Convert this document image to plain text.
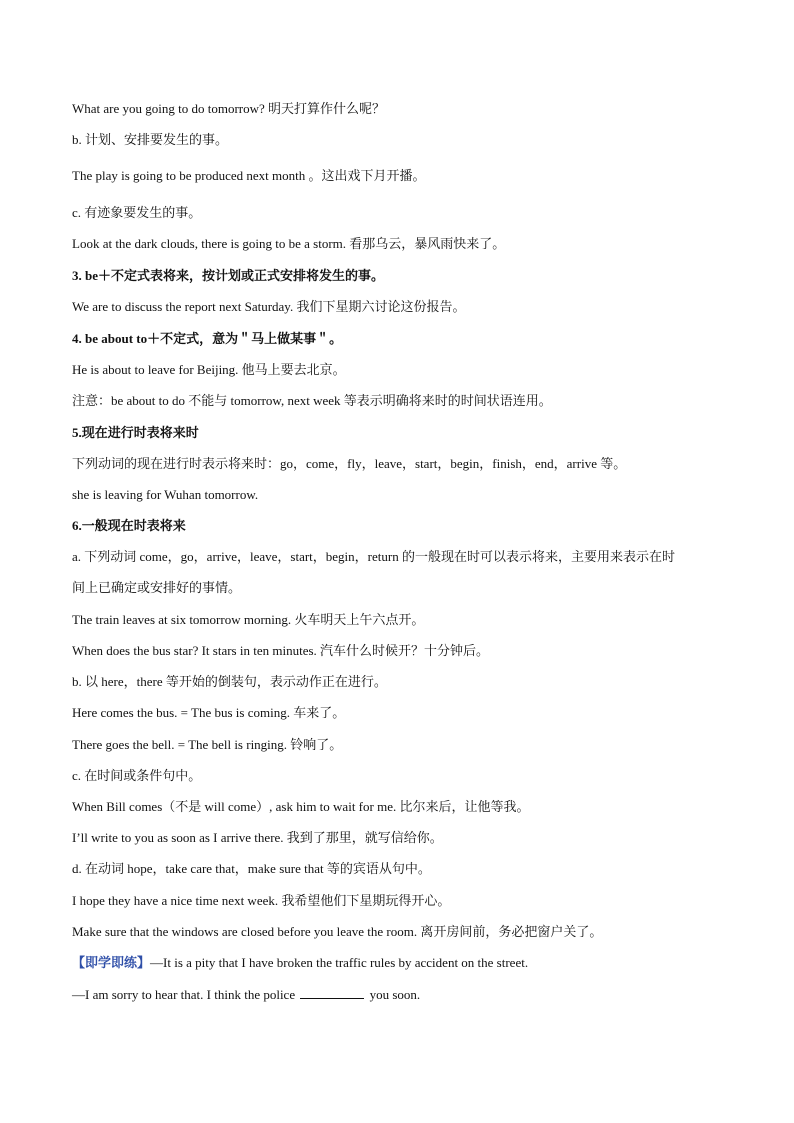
What are you going to do tomorrow? 明天打算作什么呢？
b. 计划、安排要发生的事。
The play is going to be produced next month 。这出戏下月开播。
c. 有迹象要发生的事。
Look at the dark clouds, there is going to be a storm. 看那乌云，暴风雨快来了。
3. be＋不定式表将来，按计划或正式安排将发生的事。
We are to discuss the report next Saturday. 我们下星期六讨论这份报告。
4. be about to＋不定式，意为＂马上做某事＂。
He is about to leave for Beijing. 他马上要去北京。
注意：be about to do 不能与 tomorrow, next week 等表示明确将来时的时间状语连用。
5.现在进行时表将来时
下列动词的现在进行时表示将来时：go，come，fly，leave，start，begin，finish，end，arrive 等。
she is leaving for Wuhan tomorrow.
6.一般现在时表将来
a. 下列动词 come，go，arrive，leave，start，begin，return 的一般现在时可以表示将来，主要用来表示在时
间上已确定或安排好的事情。
The train leaves at six tomorrow morning. 火车明天上午六点开。
When does the bus star? It stars in ten minutes. 汽车什么时候开？十分钟后。
b. 以 here，there 等开始的倒装句，表示动作正在进行。
Here comes the bus. = The bus is coming. 车来了。
There goes the bell. = The bell is ringing. 铃响了。
c. 在时间或条件句中。
When Bill comes（不是 will come）, ask him to wait for me. 比尔来后，让他等我。
I’ll write to you as soon as I arrive there. 我到了那里，就写信给你。
d. 在动词 hope，take care that，make sure that 等的宾语从句中。
I hope they have a nice time next week. 我希望他们下星期玩得开心。
Make sure that the windows are closed before you leave the room. 离开房间前，务必把窗户关了。
【即学即练】—It is a pity that I have broken the traffic rules by accident on the street.
—I am sorry to hear that. I think the police	you soon.
